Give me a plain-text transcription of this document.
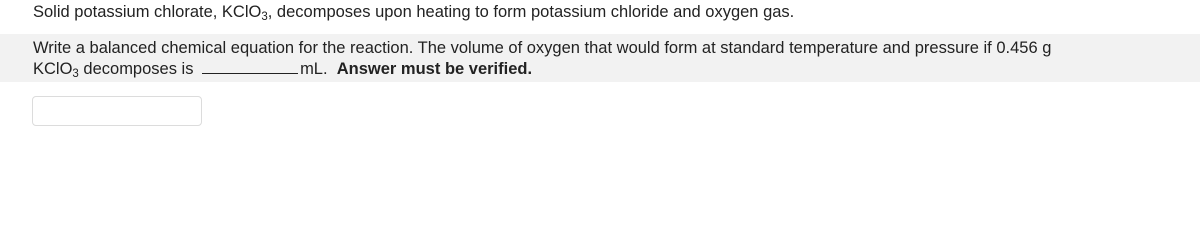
Solid potassium chlorate, KClO$_3$, decomposes upon heating to form potassium chloride and oxygen gas.
Write a balanced chemical equation for the reaction. The volume of oxygen that would form at standard temperature and pressure if 0.456 g
KClO$_3$ decomposes is	mL. Answer must be verified.
